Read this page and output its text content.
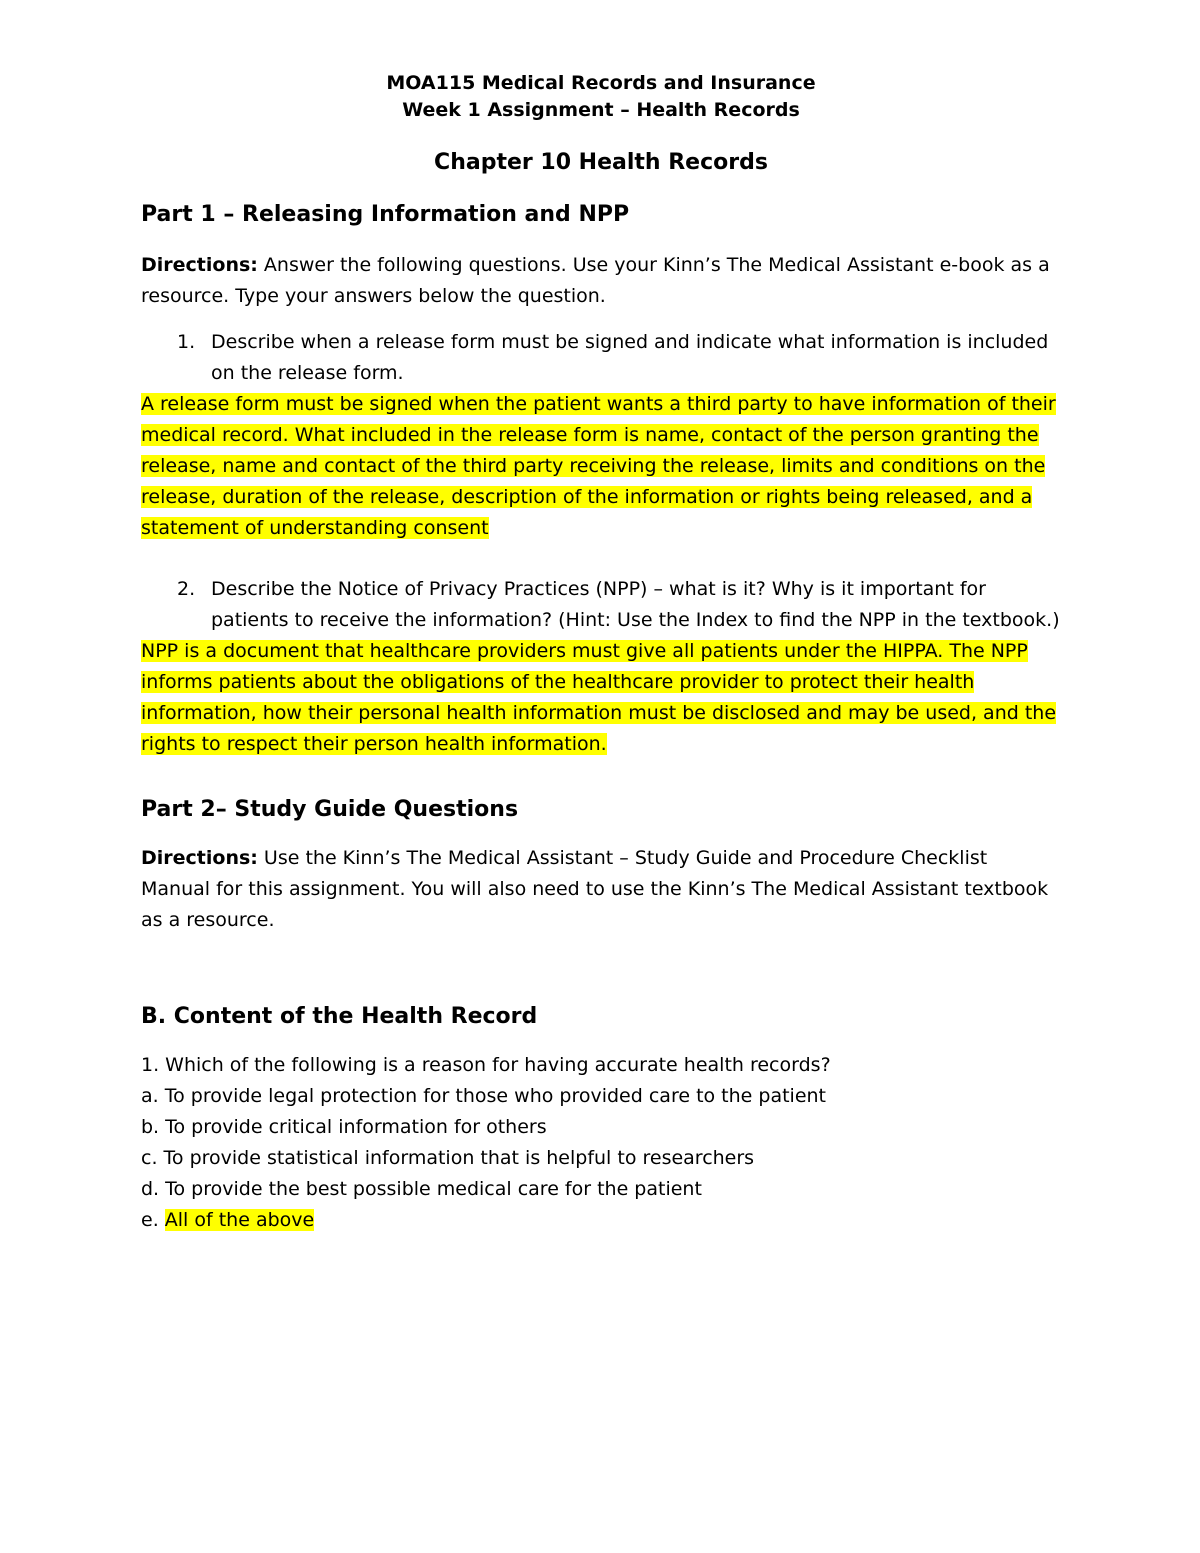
MOA115 Medical Records and Insurance
Week 1 Assignment – Health Records
Chapter 10 Health Records
Part 1 – Releasing Information and NPP

Directions: Answer the following questions. Use your Kinn’s The Medical Assistant e-book as a resource. Type your answers below the question.

1. Describe when a release form must be signed and indicate what information is included on the release form.

A release form must be signed when the patient wants a third party to have information of their medical record. What included in the release form is name, contact of the person granting the release, name and contact of the third party receiving the release, limits and conditions on the release, duration of the release, description of the information or rights being released, and a statement of understanding consent

2. Describe the Notice of Privacy Practices (NPP) – what is it? Why is it important for patients to receive the information? (Hint: Use the Index to find the NPP in the textbook.)

NPP is a document that healthcare providers must give all patients under the HIPPA. The NPP informs patients about the obligations of the healthcare provider to protect their health information, how their personal health information must be disclosed and may be used, and the rights to respect their person health information.

Part 2– Study Guide Questions

Directions: Use the Kinn’s The Medical Assistant – Study Guide and Procedure Checklist Manual for this assignment. You will also need to use the Kinn’s The Medical Assistant textbook as a resource.

B. Content of the Health Record

1. Which of the following is a reason for having accurate health records?

a. To provide legal protection for those who provided care to the patient

b. To provide critical information for others

c. To provide statistical information that is helpful to researchers

d. To provide the best possible medical care for the patient

e. All of the above
